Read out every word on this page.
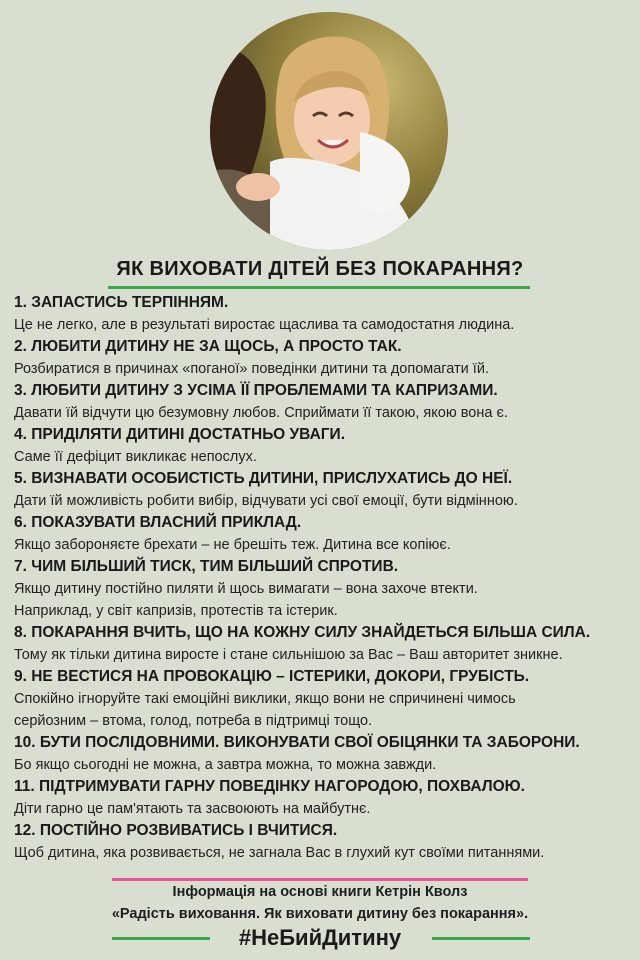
ЯК ВИХОВАТИ ДІТЕЙ БЕЗ ПОКАРАННЯ?
1. ЗАПАСТИСЬ ТЕРПІННЯМ.
Це не легко, але в результаті виростає щаслива та самодостатня людина.
2. ЛЮБИТИ ДИТИНУ НЕ ЗА ЩОСЬ, А ПРОСТО ТАК.
Розбиратися в причинах «поганої» поведінки дитини та допомагати їй.
3. ЛЮБИТИ ДИТИНУ З УСІМА ЇЇ ПРОБЛЕМАМИ ТА КАПРИЗАМИ.
Давати їй відчути цю безумовну любов. Сприймати її такою, якою вона є.
4. ПРИДІЛЯТИ ДИТИНІ ДОСТАТНЬО УВАГИ.
Саме її дефіцит викликає непослух.
5. ВИЗНАВАТИ ОСОБИСТІСТЬ ДИТИНИ, ПРИСЛУХАТИСЬ ДО НЕЇ.
Дати їй можливість робити вибір, відчувати усі свої емоції, бути відмінною.
6. ПОКАЗУВАТИ ВЛАСНИЙ ПРИКЛАД.
Якщо забороняєте брехати – не брешіть теж. Дитина все копіює.
7. ЧИМ БІЛЬШИЙ ТИСК, ТИМ БІЛЬШИЙ СПРОТИВ.
Якщо дитину постійно пиляти й щось вимагати – вона захоче втекти.
Наприклад, у світ капризів, протестів та істерик.
8. ПОКАРАННЯ ВЧИТЬ, ЩО НА КОЖНУ СИЛУ ЗНАЙДЕТЬСЯ БІЛЬША СИЛА.
Тому як тільки дитина виросте і стане сильнішою за Вас – Ваш авторитет зникне.
9. НЕ ВЕСТИСЯ НА ПРОВОКАЦІЮ – ІСТЕРИКИ, ДОКОРИ, ГРУБІСТЬ.
Спокійно ігноруйте такі емоційні виклики, якщо вони не спричинені чимось
серйозним – втома, голод, потреба в підтримці тощо.
10. БУТИ ПОСЛІДОВНИМИ. ВИКОНУВАТИ СВОЇ ОБІЦЯНКИ ТА ЗАБОРОНИ.
Бо якщо сьогодні не можна, а завтра можна, то можна завжди.
11. ПІДТРИМУВАТИ ГАРНУ ПОВЕДІНКУ НАГОРОДОЮ, ПОХВАЛОЮ.
Діти гарно це пам'ятають та засвоюють на майбутнє.
12. ПОСТІЙНО РОЗВИВАТИСЬ І ВЧИТИСЯ.
Щоб дитина, яка розвивається, не загнала Вас в глухий кут своїми питаннями.
Інформація на основі книги Кетрін Кволз
«Радість виховання. Як виховати дитину без покарання».
#НеБийДитину
